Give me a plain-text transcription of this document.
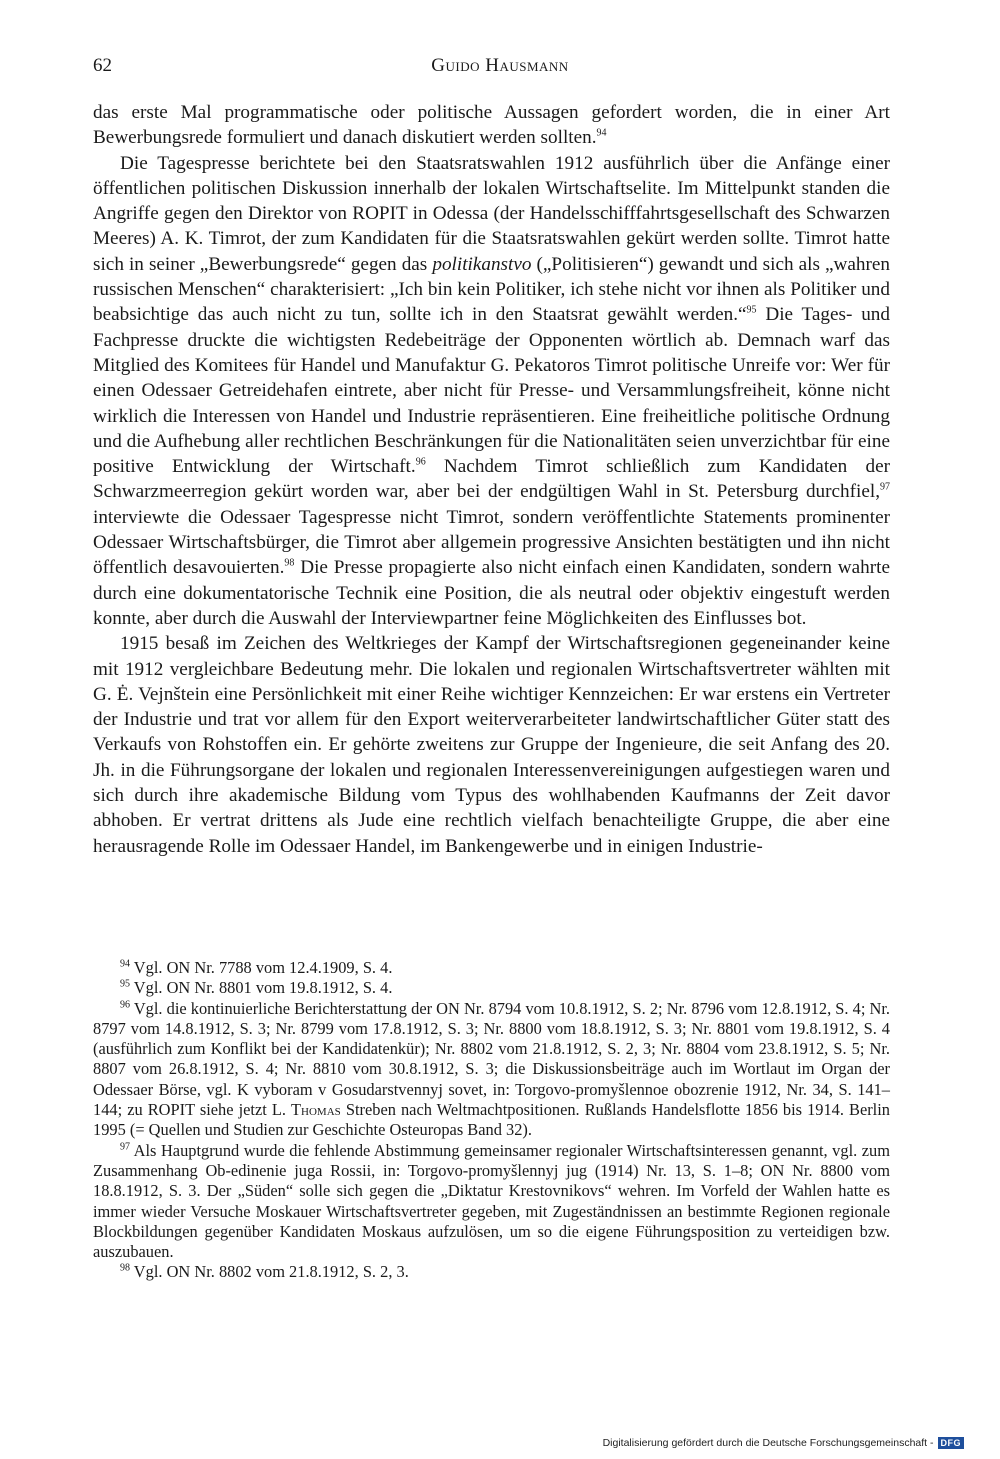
62	Guido Hausmann

das erste Mal programmatische oder politische Aussagen gefordert worden, die in einer Art Bewerbungsrede formuliert und danach diskutiert werden sollten.$^{94}$

Die Tagespresse berichtete bei den Staatsratswahlen 1912 ausführlich über die Anfänge einer öffentlichen politischen Diskussion innerhalb der lokalen Wirtschaftselite. Im Mittelpunkt standen die Angriffe gegen den Direktor von ROPIT in Odessa (der Handelsschifffahrtsgesellschaft des Schwarzen Meeres) A. K. Timrot, der zum Kandidaten für die Staatsratswahlen gekürt werden sollte. Timrot hatte sich in seiner „Bewerbungsrede“ gegen das politikanstvo („Politisieren“) gewandt und sich als „wahren russischen Menschen“ charakterisiert: „Ich bin kein Politiker, ich stehe nicht vor ihnen als Politiker und beabsichtige das auch nicht zu tun, sollte ich in den Staatsrat gewählt werden.“$^{95}$ Die Tages- und Fachpresse druckte die wichtigsten Redebeiträge der Opponenten wörtlich ab. Demnach warf das Mitglied des Komitees für Handel und Manufaktur G. Pekatoros Timrot politische Unreife vor: Wer für einen Odessaer Getreidehafen eintrete, aber nicht für Presse- und Versammlungsfreiheit, könne nicht wirklich die Interessen von Handel und Industrie repräsentieren. Eine freiheitliche politische Ordnung und die Aufhebung aller rechtlichen Beschränkungen für die Nationalitäten seien unverzichtbar für eine positive Entwicklung der Wirtschaft.$^{96}$ Nachdem Timrot schließlich zum Kandidaten der Schwarzmeerregion gekürt worden war, aber bei der endgültigen Wahl in St. Petersburg durchfiel,$^{97}$ interviewte die Odessaer Tagespresse nicht Timrot, sondern veröffentlichte Statements prominenter Odessaer Wirtschaftsbürger, die Timrot aber allgemein progressive Ansichten bestätigten und ihn nicht öffentlich desavouierten.$^{98}$ Die Presse propagierte also nicht einfach einen Kandidaten, sondern wahrte durch eine dokumentatorische Technik eine Position, die als neutral oder objektiv eingestuft werden konnte, aber durch die Auswahl der Interviewpartner feine Möglichkeiten des Einflusses bot.

1915 besaß im Zeichen des Weltkrieges der Kampf der Wirtschaftsregionen gegeneinander keine mit 1912 vergleichbare Bedeutung mehr. Die lokalen und regionalen Wirtschaftsvertreter wählten mit G. Ė. Vejnštein eine Persönlichkeit mit einer Reihe wichtiger Kennzeichen: Er war erstens ein Vertreter der Industrie und trat vor allem für den Export weiterverarbeiteter landwirtschaftlicher Güter statt des Verkaufs von Rohstoffen ein. Er gehörte zweitens zur Gruppe der Ingenieure, die seit Anfang des 20. Jh. in die Führungsorgane der lokalen und regionalen Interessenvereinigungen aufgestiegen waren und sich durch ihre akademische Bildung vom Typus des wohlhabenden Kaufmanns der Zeit davor abhoben. Er vertrat drittens als Jude eine rechtlich vielfach benachteiligte Gruppe, die aber eine herausragende Rolle im Odessaer Handel, im Bankengewerbe und in einigen Industrie-

$^{94}$ Vgl. ON Nr. 7788 vom 12.4.1909, S. 4.

$^{95}$ Vgl. ON Nr. 8801 vom 19.8.1912, S. 4.

$^{96}$ Vgl. die kontinuierliche Berichterstattung der ON Nr. 8794 vom 10.8.1912, S. 2; Nr. 8796 vom 12.8.1912, S. 4; Nr. 8797 vom 14.8.1912, S. 3; Nr. 8799 vom 17.8.1912, S. 3; Nr. 8800 vom 18.8.1912, S. 3; Nr. 8801 vom 19.8.1912, S. 4 (ausführlich zum Konflikt bei der Kandidatenkür); Nr. 8802 vom 21.8.1912, S. 2, 3; Nr. 8804 vom 23.8.1912, S. 5; Nr. 8807 vom 26.8.1912, S. 4; Nr. 8810 vom 30.8.1912, S. 3; die Diskussionsbeiträge auch im Wortlaut im Organ der Odessaer Börse, vgl. K vyboram v Gosudarstvennyj sovet, in: Torgovo-promyšlennoe obozrenie 1912, Nr. 34, S. 141–144; zu ROPIT siehe jetzt L. Thomas Streben nach Weltmachtpositionen. Rußlands Handelsflotte 1856 bis 1914. Berlin 1995 (= Quellen und Studien zur Geschichte Osteuropas Band 32).

$^{97}$ Als Hauptgrund wurde die fehlende Abstimmung gemeinsamer regionaler Wirtschaftsinteressen genannt, vgl. zum Zusammenhang Ob-edinenie juga Rossii, in: Torgovo-promyšlennyj jug (1914) Nr. 13, S. 1–8; ON Nr. 8800 vom 18.8.1912, S. 3. Der „Süden“ solle sich gegen die „Diktatur Krestovnikovs“ wehren. Im Vorfeld der Wahlen hatte es immer wieder Versuche Moskauer Wirtschaftsvertreter gegeben, mit Zugeständnissen an bestimmte Regionen regionale Blockbildungen gegenüber Kandidaten Moskaus aufzulösen, um so die eigene Führungsposition zu verteidigen bzw. auszubauen.

$^{98}$ Vgl. ON Nr. 8802 vom 21.8.1912, S. 2, 3.

Digitalisierung gefördert durch die Deutsche Forschungsgemeinschaft - DFG
